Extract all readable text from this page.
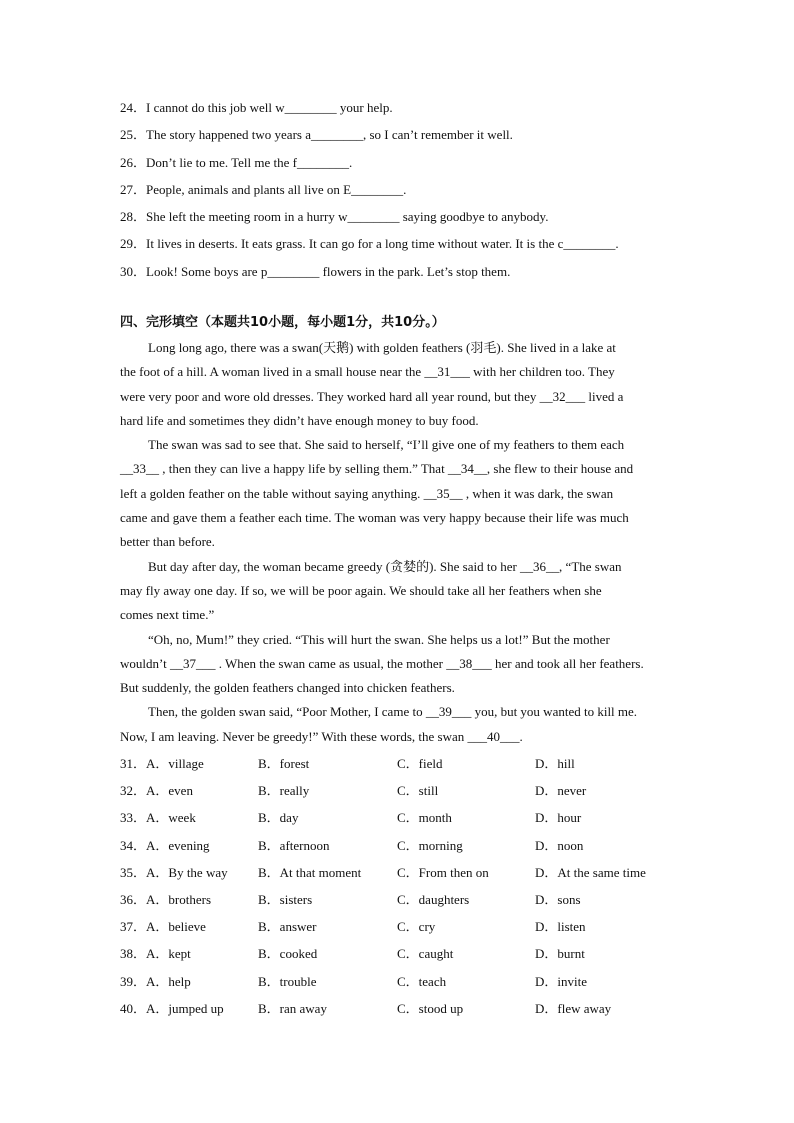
24．I cannot do this job well w________ your help.
25．The story happened two years a________, so I can’t remember it well.
26．Don’t lie to me. Tell me the f________.
27．People, animals and plants all live on E________.
28．She left the meeting room in a hurry w________ saying goodbye to anybody.
29．It lives in deserts. It eats grass. It can go for a long time without water. It is the c________.
30．Look! Some boys are p________ flowers in the park. Let’s stop them.
四、完形填空（本题共10小题，每小题1分，共10分。）
Long long ago, there was a swan(天鹅) with golden feathers (羽毛). She lived in a lake at
the foot of a hill. A woman lived in a small house near the __31___ with her children too. They
were very poor and wore old dresses. They worked hard all year round, but they __32___ lived a
hard life and sometimes they didn’t have enough money to buy food.
The swan was sad to see that. She said to herself, “I’ll give one of my feathers to them each
__33__ , then they can live a happy life by selling them.” That __34__, she flew to their house and
left a golden feather on the table without saying anything. __35__ , when it was dark, the swan
came and gave them a feather each time. The woman was very happy because their life was much
better than before.
But day after day, the woman became greedy (贪婪的). She said to her __36__, “The swan
may fly away one day. If so, we will be poor again. We should take all her feathers when she
comes next time.”
“Oh, no, Mum!” they cried. “This will hurt the swan. She helps us a lot!” But the mother
wouldn’t __37___ . When the swan came as usual, the mother __38___ her and took all her feathers.
But suddenly, the golden feathers changed into chicken feathers.
Then, the golden swan said, “Poor Mother, I came to __39___ you, but you wanted to kill me.
Now, I am leaving. Never be greedy!” With these words, the swan ___40___.
31．A．village	B．forest	C．field	D．hill
32．A．even	B．really	C．still	D．never
33．A．week	B．day	C．month	D．hour
34．A．evening	B．afternoon	C．morning	D．noon
35．A．By the way B．At that moment	C．From then on	D．At the same time
36．A．brothers	B．sisters	C．daughters	D．sons
37．A．believe	B．answer	C．cry	D．listen
38．A．kept	B．cooked	C．caught	D．burnt
39．A．help	B．trouble	C．teach	D．invite
40．A．jumped up	B．ran away	C．stood up	D．flew away
